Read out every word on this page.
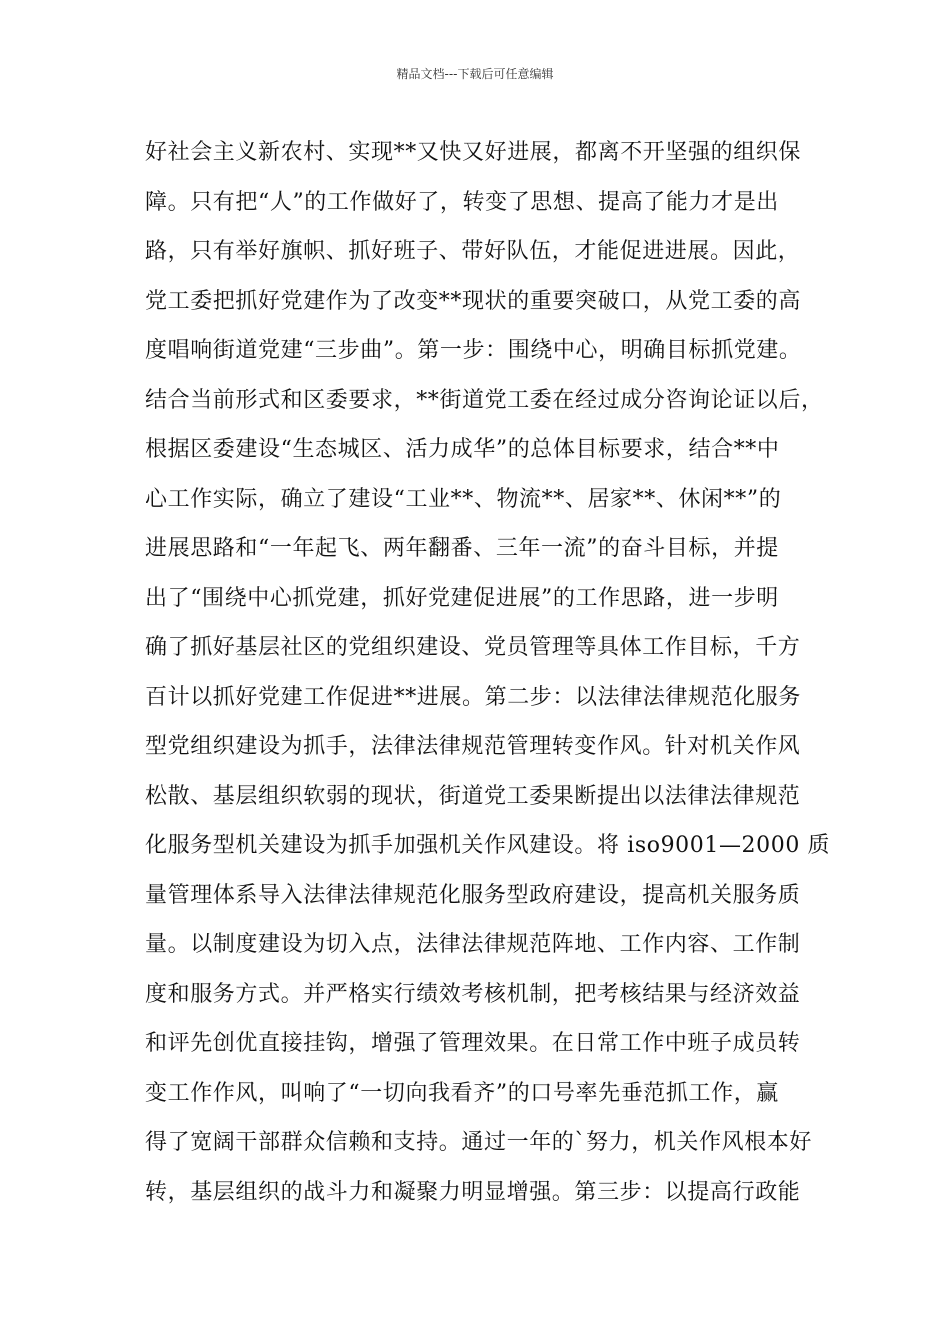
精品文档---下载后可任意编辑
好社会主义新农村、实现**又快又好进展，都离不开坚强的组织保
障。只有把“人”的工作做好了，转变了思想、提高了能力才是出
路，只有举好旗帜、抓好班子、带好队伍，才能促进进展。因此，
党工委把抓好党建作为了改变**现状的重要突破口，从党工委的高
度唱响街道党建“三步曲”。第一步：围绕中心，明确目标抓党建。
结合当前形式和区委要求，**街道党工委在经过成分咨询论证以后，
根据区委建设“生态城区、活力成华”的总体目标要求，结合**中
心工作实际，确立了建设“工业**、物流**、居家**、休闲**”的
进展思路和“一年起飞、两年翻番、三年一流”的奋斗目标，并提
出了“围绕中心抓党建，抓好党建促进展”的工作思路，进一步明
确了抓好基层社区的党组织建设、党员管理等具体工作目标，千方
百计以抓好党建工作促进**进展。第二步：以法律法律规范化服务
型党组织建设为抓手，法律法律规范管理转变作风。针对机关作风
松散、基层组织软弱的现状，街道党工委果断提出以法律法律规范
化服务型机关建设为抓手加强机关作风建设。将 iso9001—2000 质
量管理体系导入法律法律规范化服务型政府建设，提高机关服务质
量。以制度建设为切入点，法律法律规范阵地、工作内容、工作制
度和服务方式。并严格实行绩效考核机制，把考核结果与经济效益
和评先创优直接挂钩，增强了管理效果。在日常工作中班子成员转
变工作作风，叫响了“一切向我看齐”的口号率先垂范抓工作，赢
得了宽阔干部群众信赖和支持。通过一年的`努力，机关作风根本好
转，基层组织的战斗力和凝聚力明显增强。第三步：以提高行政能
